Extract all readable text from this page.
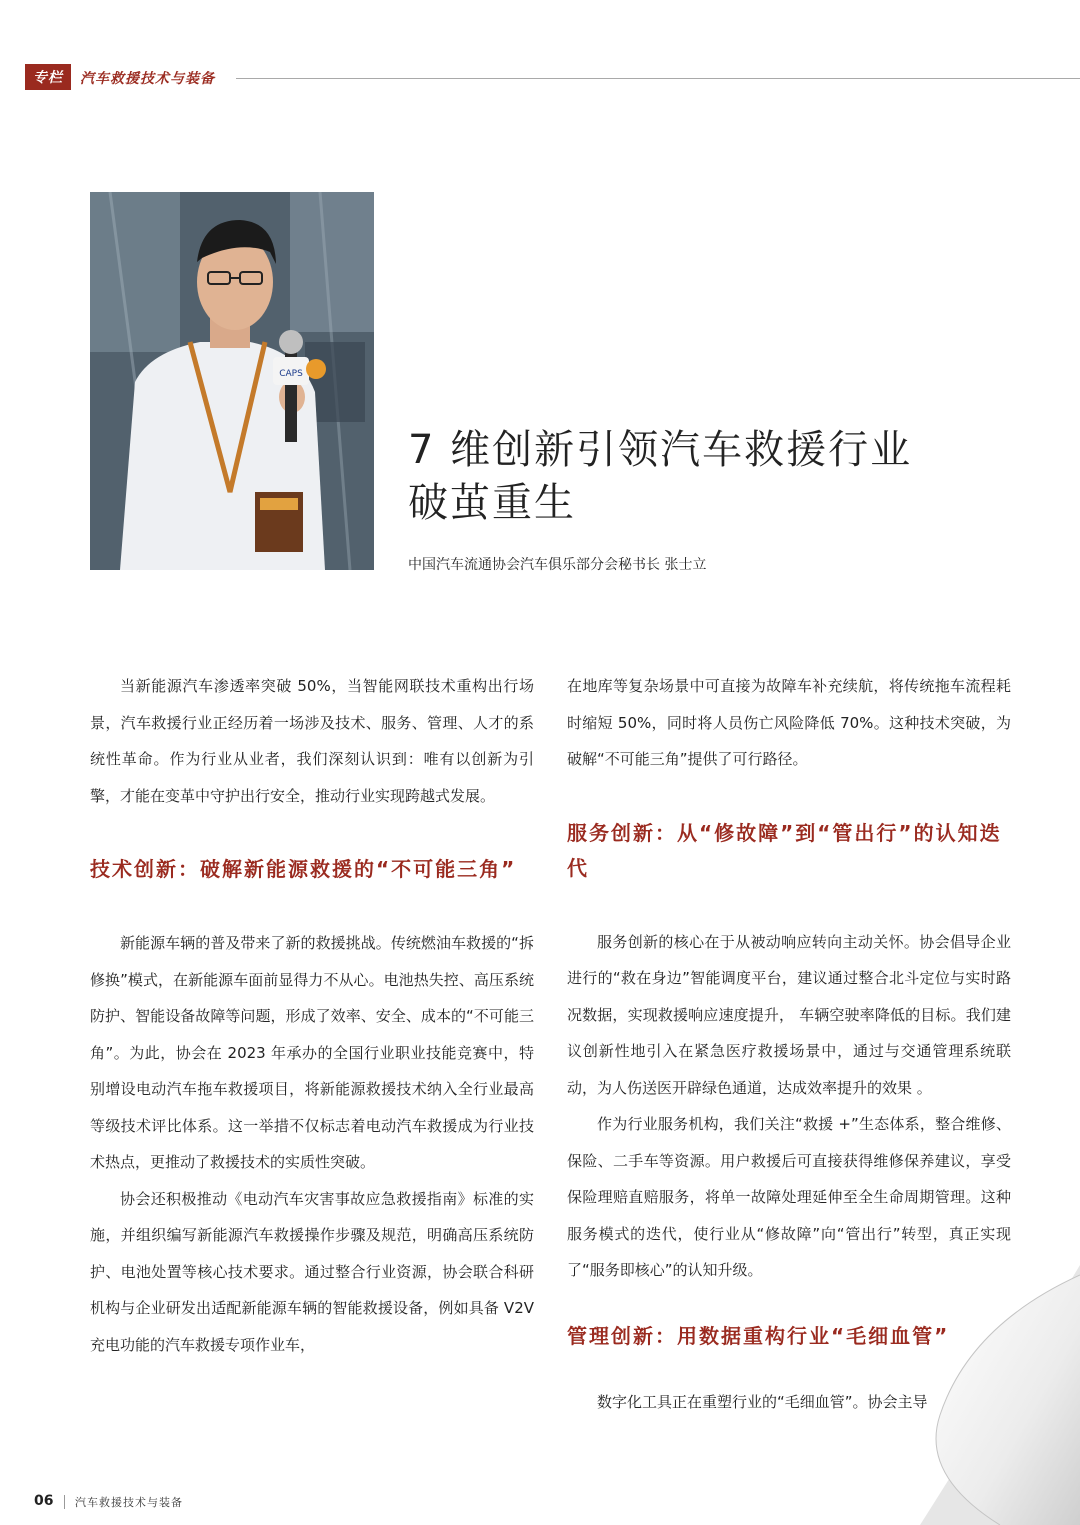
专栏	汽车救援技术与装备
CAPS
7 维创新引领汽车救援行业
破茧重生
中国汽车流通协会汽车俱乐部分会秘书长 张士立

当新能源汽车渗透率突破 50%，当智能网联技术重构出行场景，汽车救援行业正经历着一场涉及技术、服务、管理、人才的系统性革命。作为行业从业者，我们深刻认识到：唯有以创新为引擎，才能在变革中守护出行安全，推动行业实现跨越式发展。

技术创新：破解新能源救援的“不可能三角”

新能源车辆的普及带来了新的救援挑战。传统燃油车救援的“拆修换”模式，在新能源车面前显得力不从心。电池热失控、高压系统防护、智能设备故障等问题，形成了效率、安全、成本的“不可能三角”。为此，协会在 2023 年承办的全国行业职业技能竞赛中，特别增设电动汽车拖车救援项目，将新能源救援技术纳入全行业最高等级技术评比体系。这一举措不仅标志着电动汽车救援成为行业技术热点，更推动了救援技术的实质性突破。

协会还积极推动《电动汽车灾害事故应急救援指南》标准的实施，并组织编写新能源汽车救援操作步骤及规范，明确高压系统防护、电池处置等核心技术要求。通过整合行业资源，协会联合科研机构与企业研发出适配新能源车辆的智能救援设备，例如具备 V2V 充电功能的汽车救援专项作业车，

在地库等复杂场景中可直接为故障车补充续航，将传统拖车流程耗时缩短 50%，同时将人员伤亡风险降低 70%。这种技术突破，为破解“不可能三角”提供了可行路径。

服务创新：从“修故障”到“管出行”的认知迭代

服务创新的核心在于从被动响应转向主动关怀。协会倡导企业进行的“救在身边”智能调度平台，建议通过整合北斗定位与实时路况数据，实现救援响应速度提升， 车辆空驶率降低的目标。我们建议创新性地引入在紧急医疗救援场景中，通过与交通管理系统联动，为人伤送医开辟绿色通道，达成效率提升的效果 。

作为行业服务机构，我们关注“救援 +”生态体系，整合维修、保险、二手车等资源。用户救援后可直接获得维修保养建议，享受保险理赔直赔服务，将单一故障处理延伸至全生命周期管理。这种服务模式的迭代，使行业从“修故障”向“管出行”转型，真正实现了“服务即核心”的认知升级。

管理创新：用数据重构行业“毛细血管”

数字化工具正在重塑行业的“毛细血管”。协会主导

06 汽车救援技术与装备
